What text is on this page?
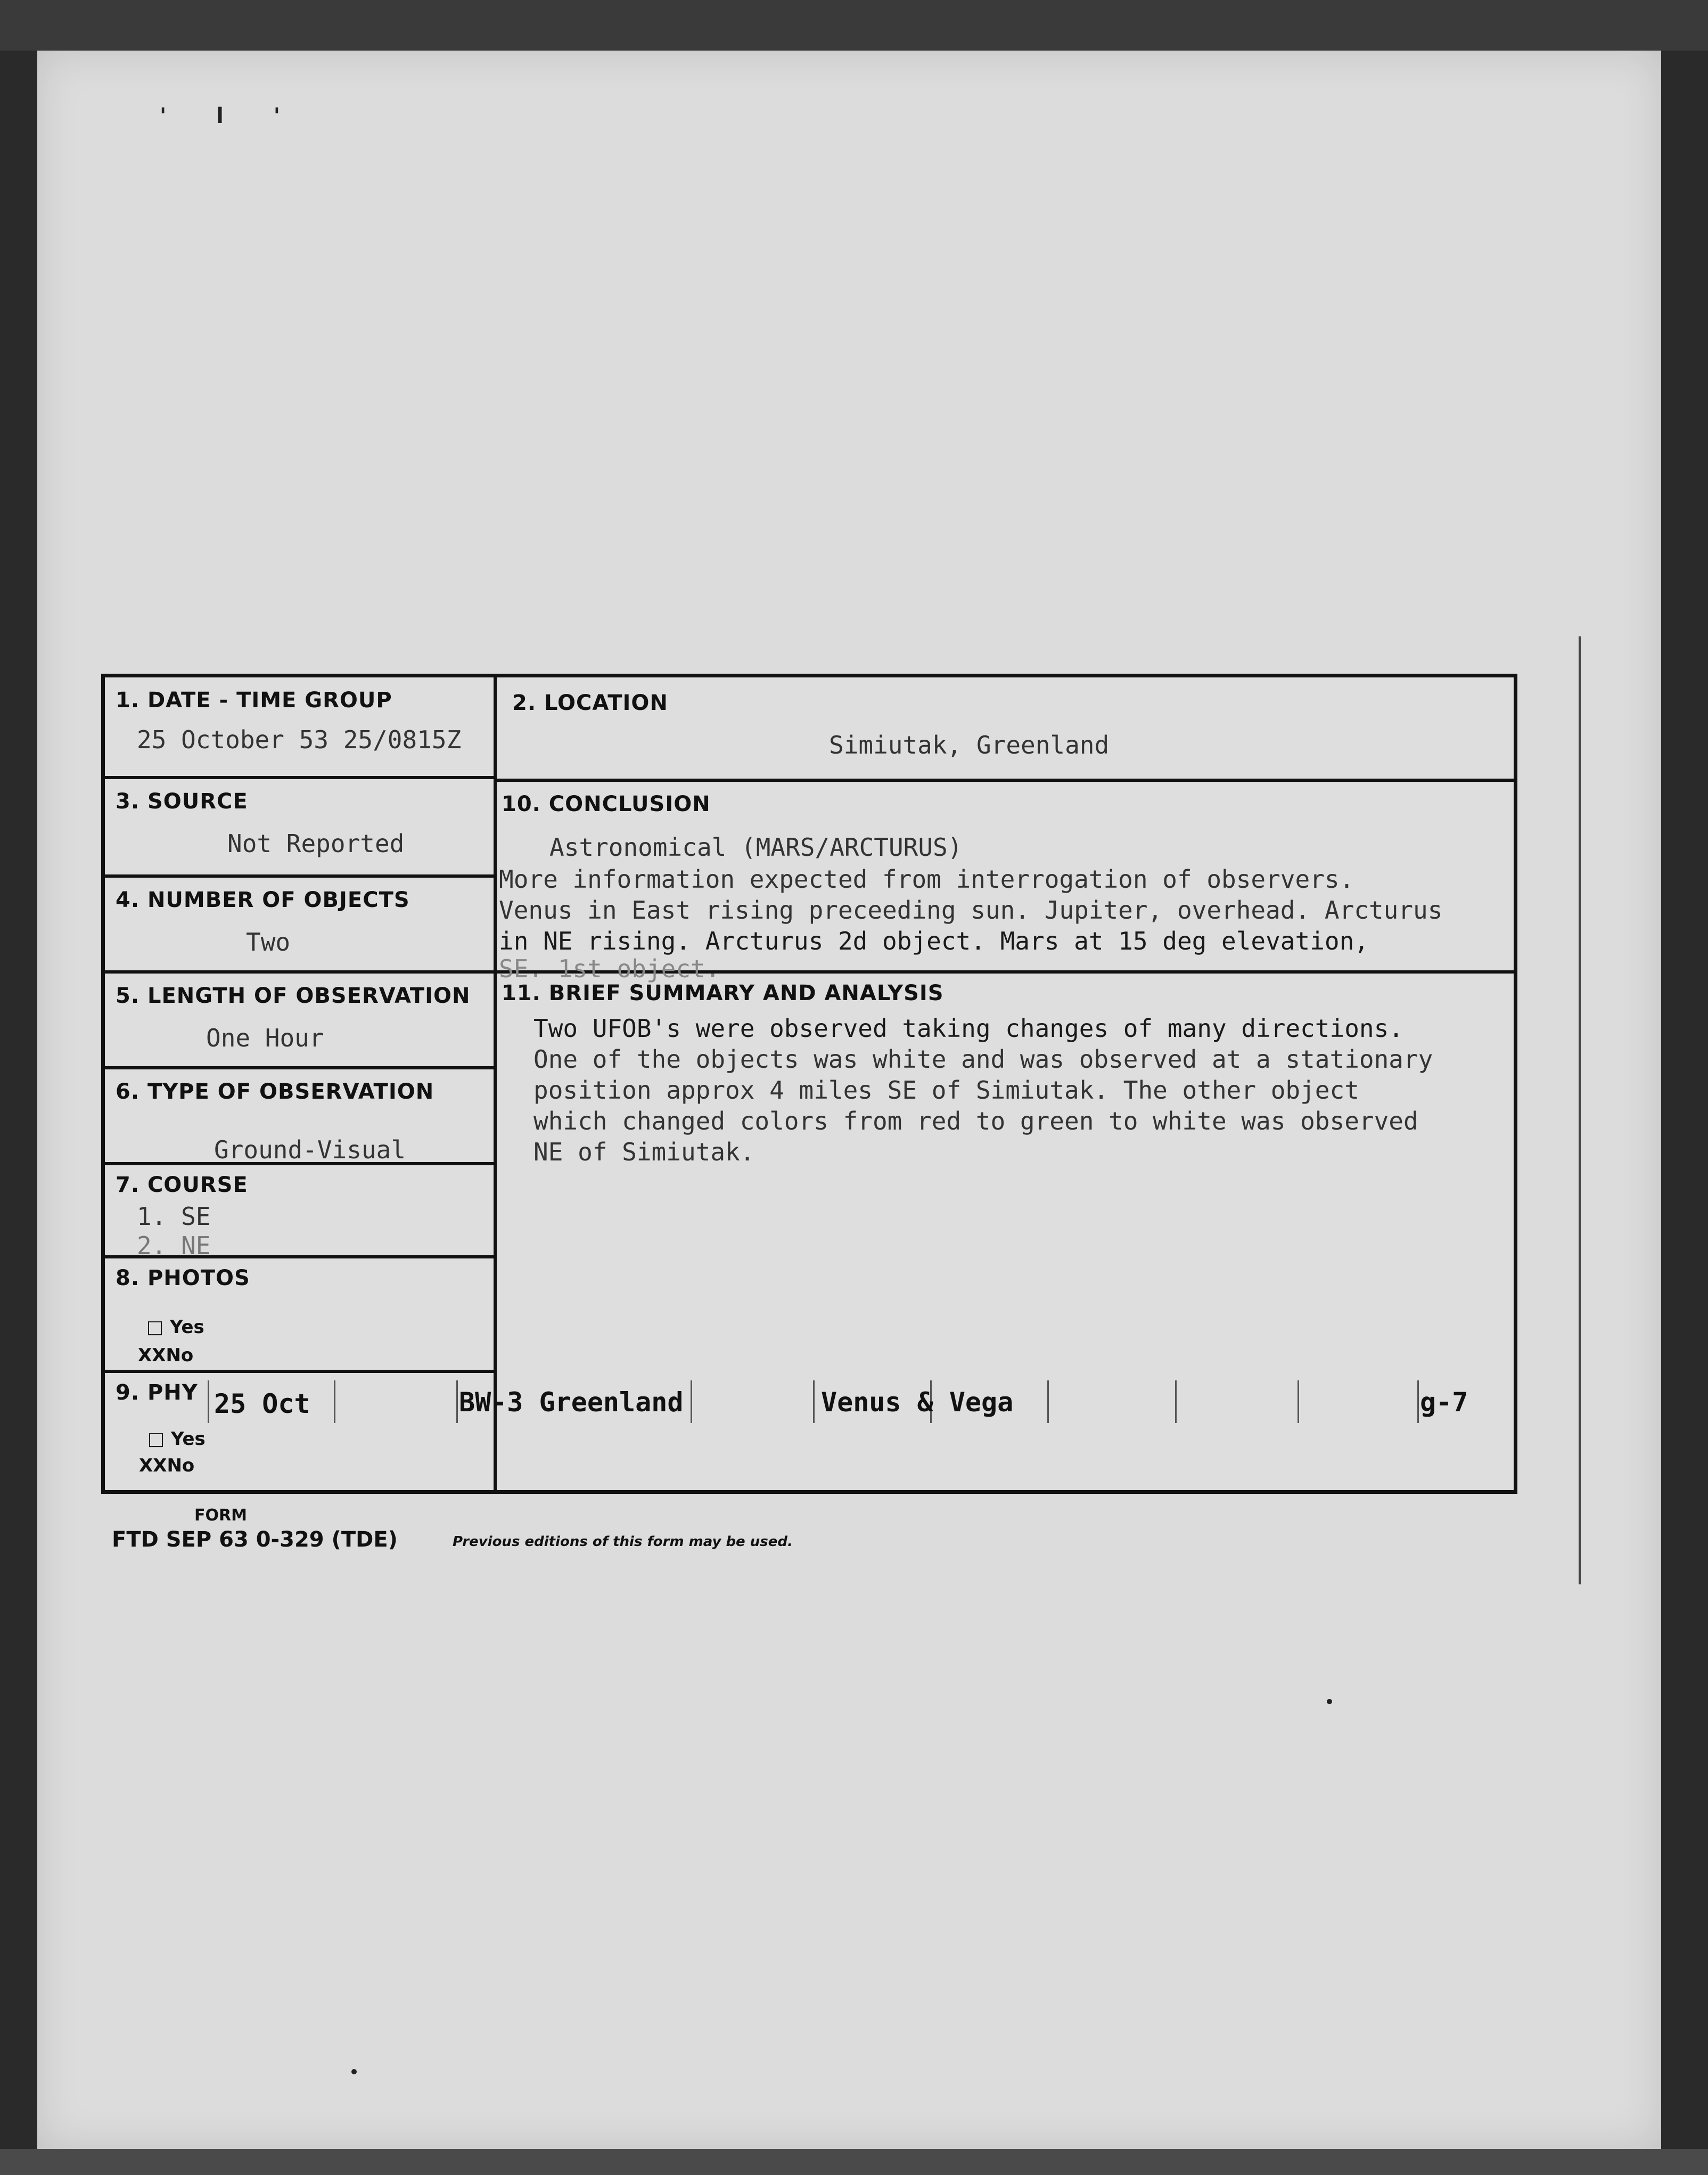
' l '
1. DATE - TIME GROUP
25 October 53 25/0815Z
2. LOCATION
Simiutak, Greenland
3. SOURCE
Not Reported
4. NUMBER OF OBJECTS
Two
5. LENGTH OF OBSERVATION
One Hour
6. TYPE OF OBSERVATION
Ground-Visual
7. COURSE
1. SE
2. NE
8. PHOTOS
□ Yes
XXNo
9. PHY
□ Yes
XXNo
10. CONCLUSION
Astronomical (MARS/ARCTURUS)
More information expected from interrogation of observers.
Venus in East rising preceeding sun. Jupiter, overhead. Arcturus
in NE rising. Arcturus 2d object. Mars at 15 deg elevation,
SE. 1st object.
11. BRIEF SUMMARY AND ANALYSIS
Two UFOB's were observed taking changes of many directions.
One of the objects was white and was observed at a stationary
position approx 4 miles SE of Simiutak. The other object
which changed colors from red to green to white was observed
NE of Simiutak.
25 Oct	BW-3 Greenland	Venus & Vega	g-7
FORM
FTD SEP 63 0-329 (TDE)	Previous editions of this form may be used.
